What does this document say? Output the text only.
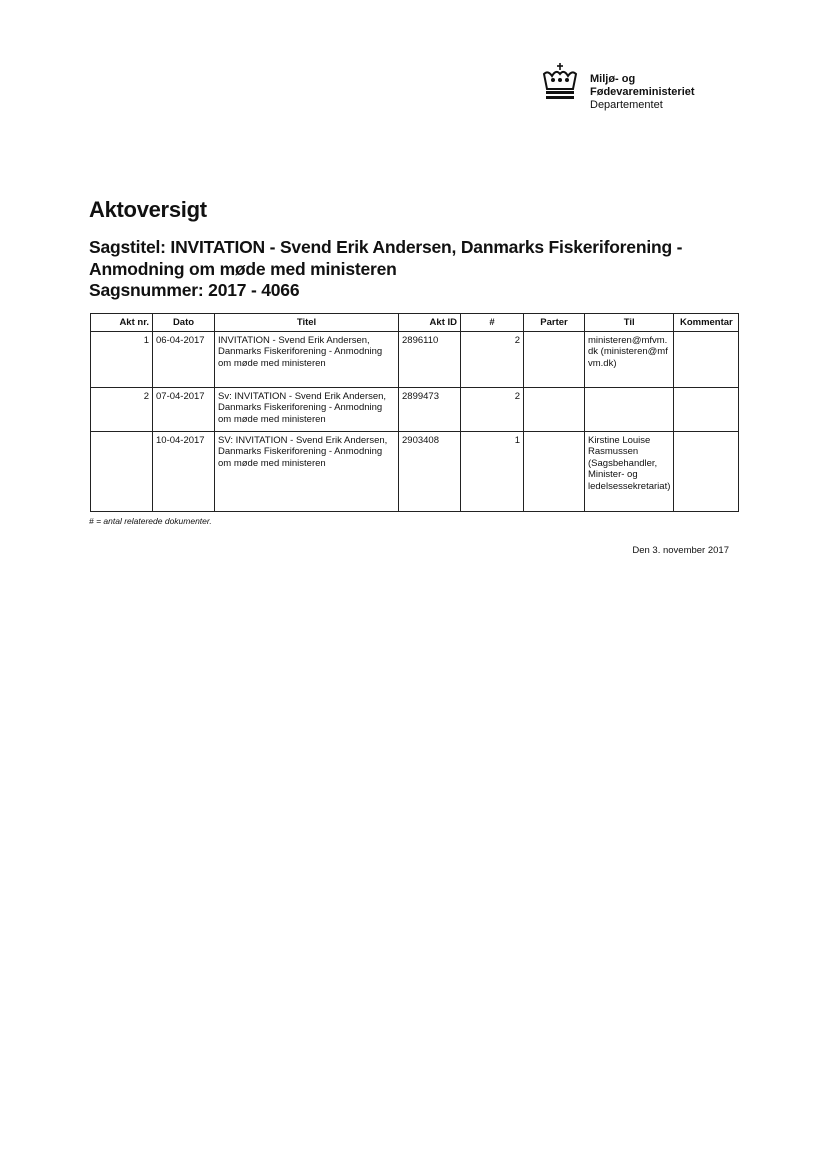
Miljø- og
Fødevareministeriet
Departementet
Aktoversigt
Sagstitel: INVITATION - Svend Erik Andersen, Danmarks Fiskeriforening - Anmodning om møde med ministeren
Sagsnummer: 2017 - 4066
Akt nr.	Dato	Titel	Akt ID	#	Parter	Til	Kommentar
1	06-04-2017	INVITATION - Svend Erik Andersen, Danmarks Fiskeriforening - Anmodning om møde med ministeren	2896110	2		ministeren@mfvm.dk (ministeren@mfvm.dk)	
2	07-04-2017	Sv: INVITATION - Svend Erik Andersen, Danmarks Fiskeriforening - Anmodning om møde med ministeren	2899473	2			
	10-04-2017	SV: INVITATION - Svend Erik Andersen, Danmarks Fiskeriforening - Anmodning om møde med ministeren	2903408	1		Kirstine Louise Rasmussen (Sagsbehandler, Minister- og ledelsessekretariat)	
# = antal relaterede dokumenter.
Den 3. november 2017
